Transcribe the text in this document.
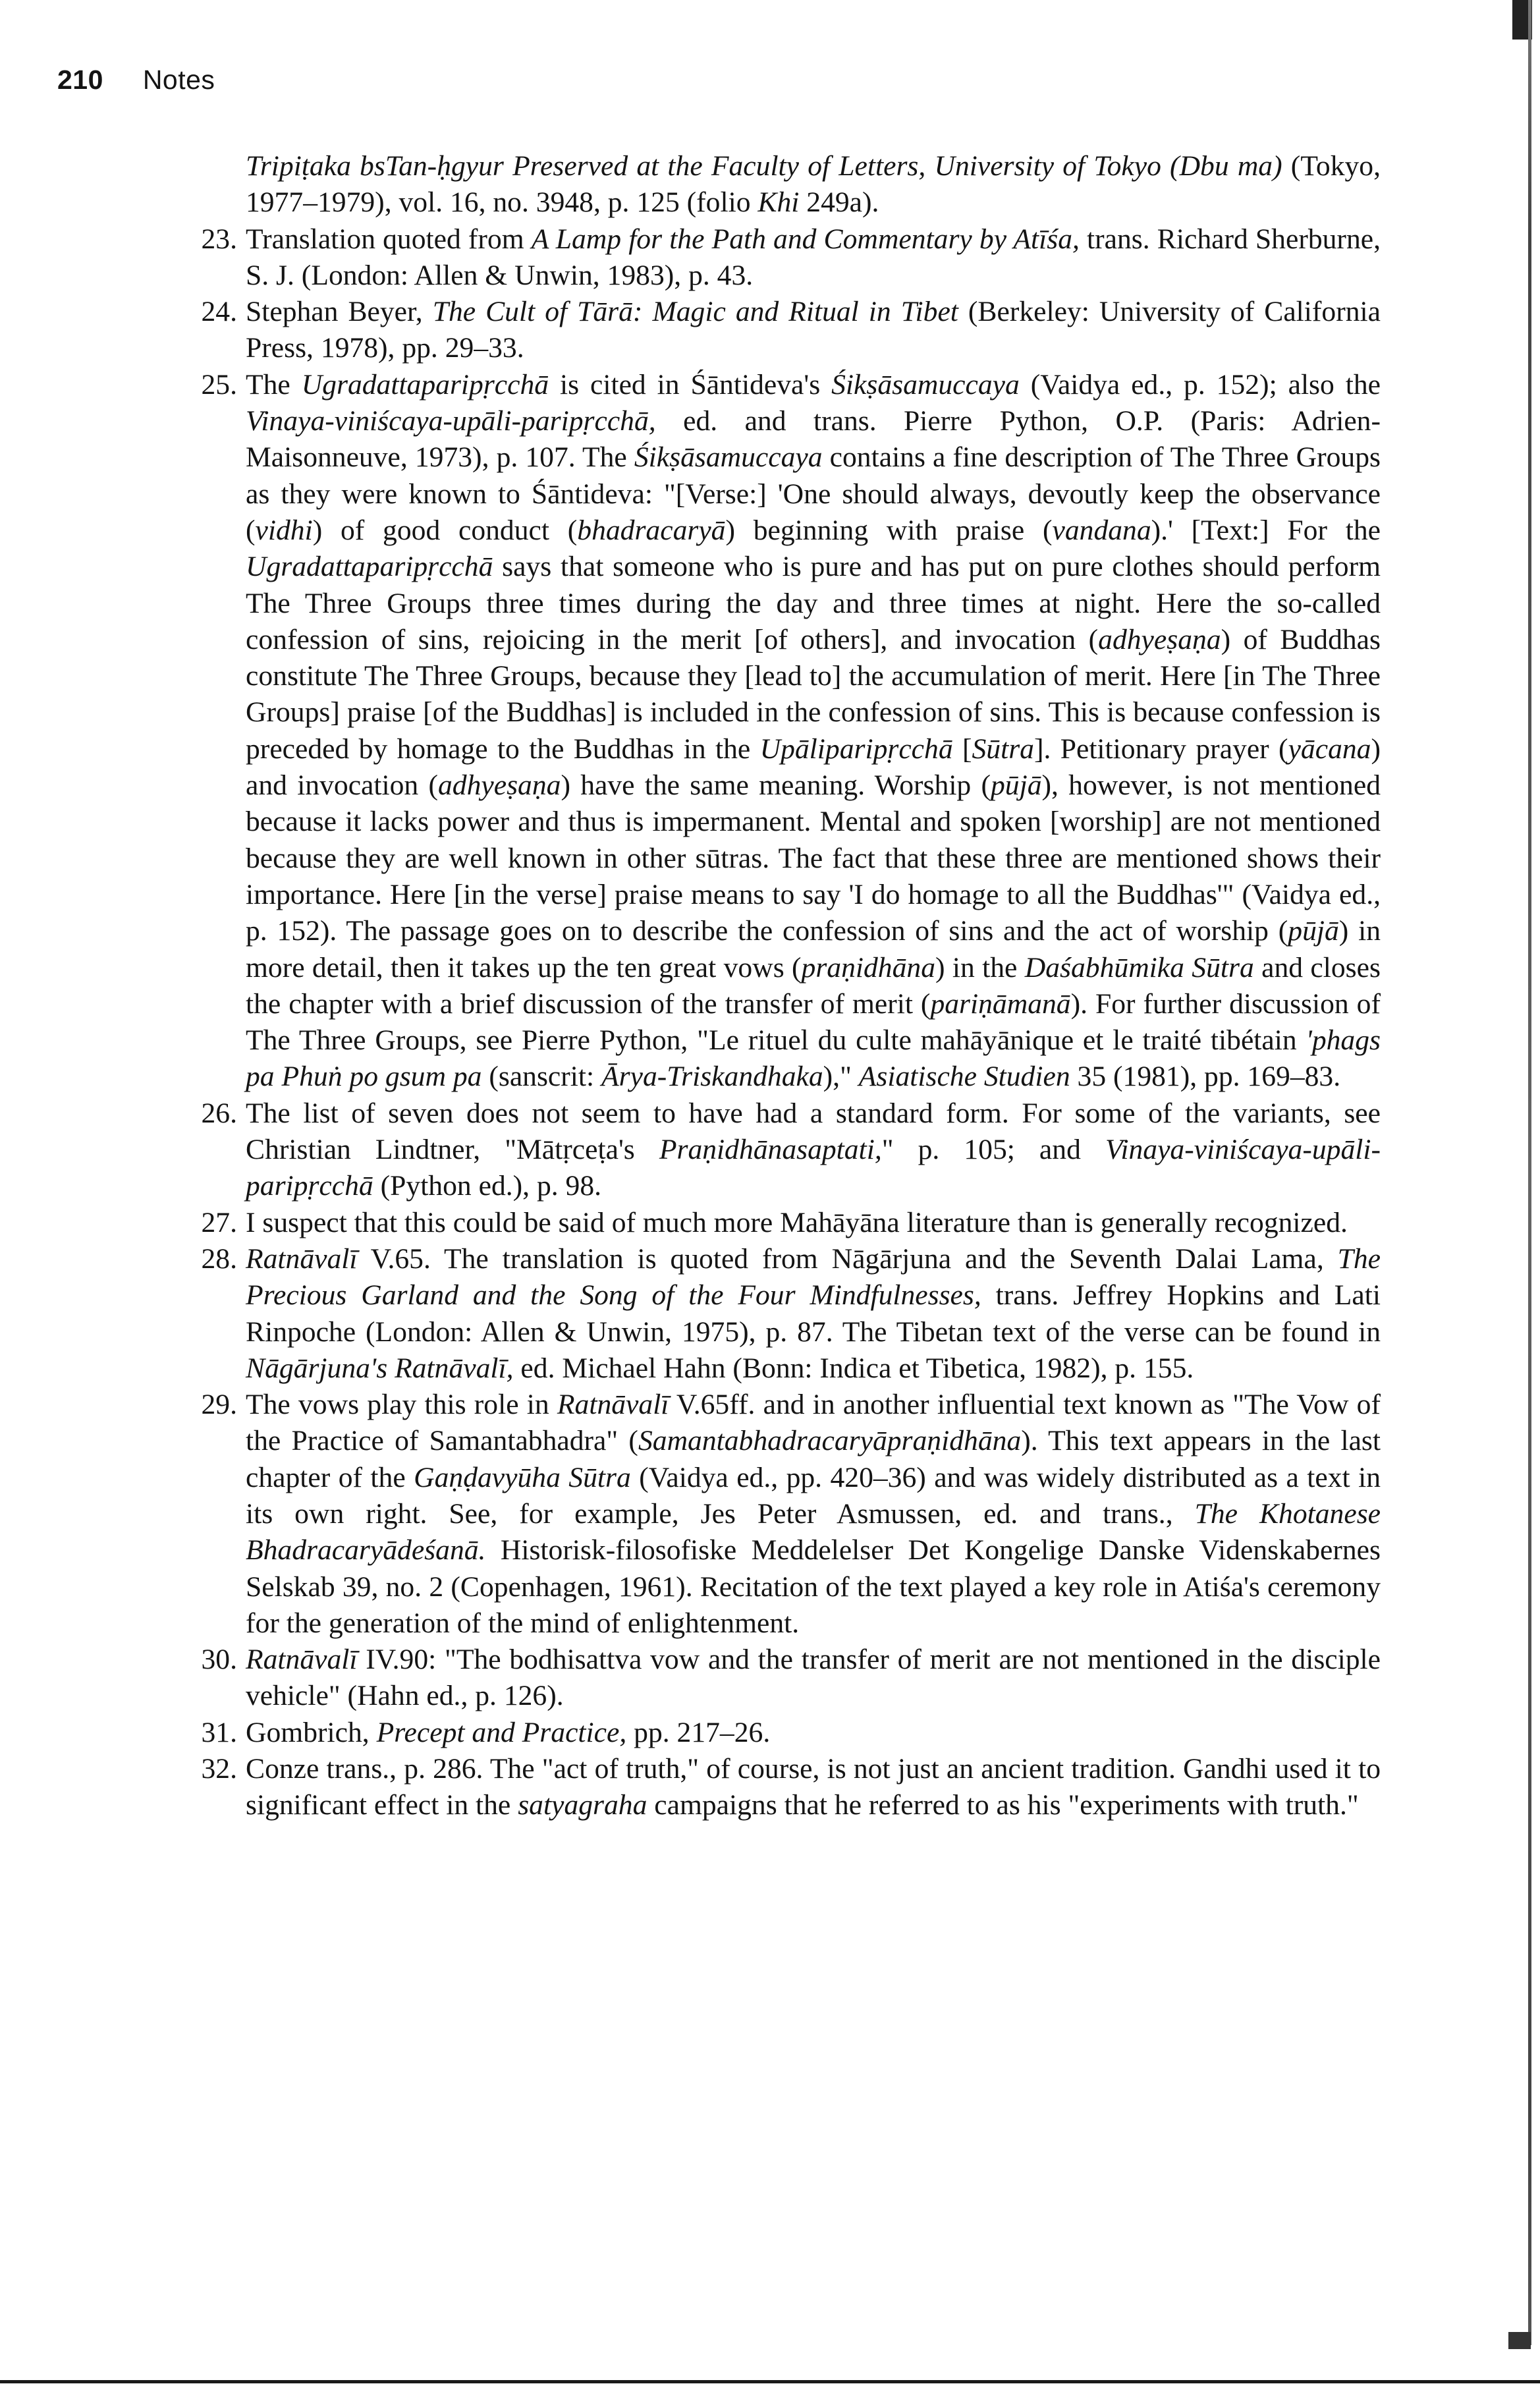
210 Notes
Tripiṭaka bsTan-ḥgyur Preserved at the Faculty of Letters, University of Tokyo (Dbu ma) (Tokyo, 1977–1979), vol. 16, no. 3948, p. 125 (folio Khi 249a).
23. Translation quoted from A Lamp for the Path and Commentary by Atīśa, trans. Richard Sherburne, S. J. (London: Allen & Unwin, 1983), p. 43.
24. Stephan Beyer, The Cult of Tārā: Magic and Ritual in Tibet (Berkeley: University of California Press, 1978), pp. 29–33.
25. The Ugradattaparipṛcchā is cited in Śāntideva's Śikṣāsamuccaya (Vaidya ed., p. 152); also the Vinaya-viniścaya-upāli-paripṛcchā, ed. and trans. Pierre Python, O.P. (Paris: Adrien-Maisonneuve, 1973), p. 107. The Śikṣāsamuccaya contains a fine description of The Three Groups as they were known to Śāntideva: "[Verse:] 'One should always, devoutly keep the observance (vidhi) of good conduct (bhadracaryā) beginning with praise (vandana).' [Text:] For the Ugradattaparipṛcchā says that someone who is pure and has put on pure clothes should perform The Three Groups three times during the day and three times at night. Here the so-called confession of sins, rejoicing in the merit [of others], and invocation (adhyeṣaṇa) of Buddhas constitute The Three Groups, because they [lead to] the accumulation of merit. Here [in The Three Groups] praise [of the Buddhas] is included in the confession of sins. This is because confession is preceded by homage to the Buddhas in the Upāliparipṛcchā [Sūtra]. Petitionary prayer (yācana) and invocation (adhyeṣaṇa) have the same meaning. Worship (pūjā), however, is not mentioned because it lacks power and thus is impermanent. Mental and spoken [worship] are not mentioned because they are well known in other sūtras. The fact that these three are mentioned shows their importance. Here [in the verse] praise means to say 'I do homage to all the Buddhas'" (Vaidya ed., p. 152). The passage goes on to describe the confession of sins and the act of worship (pūjā) in more detail, then it takes up the ten great vows (praṇidhāna) in the Daśabhūmika Sūtra and closes the chapter with a brief discussion of the transfer of merit (pariṇāmanā). For further discussion of The Three Groups, see Pierre Python, "Le rituel du culte mahāyānique et le traité tibétain 'phags pa Phuṅ po gsum pa (sanscrit: Ārya-Triskandhaka)," Asiatische Studien 35 (1981), pp. 169–83.
26. The list of seven does not seem to have had a standard form. For some of the variants, see Christian Lindtner, "Mātṛceṭa's Praṇidhānasaptati," p. 105; and Vinaya-viniścaya-upāli-paripṛcchā (Python ed.), p. 98.
27. I suspect that this could be said of much more Mahāyāna literature than is generally recognized.
28. Ratnāvalī V.65. The translation is quoted from Nāgārjuna and the Seventh Dalai Lama, The Precious Garland and the Song of the Four Mindfulnesses, trans. Jeffrey Hopkins and Lati Rinpoche (London: Allen & Unwin, 1975), p. 87. The Tibetan text of the verse can be found in Nāgārjuna's Ratnāvalī, ed. Michael Hahn (Bonn: Indica et Tibetica, 1982), p. 155.
29. The vows play this role in Ratnāvalī V.65ff. and in another influential text known as "The Vow of the Practice of Samantabhadra" (Samantabhadracaryāpraṇidhāna). This text appears in the last chapter of the Gaṇḍavyūha Sūtra (Vaidya ed., pp. 420–36) and was widely distributed as a text in its own right. See, for example, Jes Peter Asmussen, ed. and trans., The Khotanese Bhadracaryādeśanā. Historisk-filosofiske Meddelelser Det Kongelige Danske Videnskabernes Selskab 39, no. 2 (Copenhagen, 1961). Recitation of the text played a key role in Atiśa's ceremony for the generation of the mind of enlightenment.
30. Ratnāvalī IV.90: "The bodhisattva vow and the transfer of merit are not mentioned in the disciple vehicle" (Hahn ed., p. 126).
31. Gombrich, Precept and Practice, pp. 217–26.
32. Conze trans., p. 286. The "act of truth," of course, is not just an ancient tradition. Gandhi used it to significant effect in the satyagraha campaigns that he referred to as his "experiments with truth."
